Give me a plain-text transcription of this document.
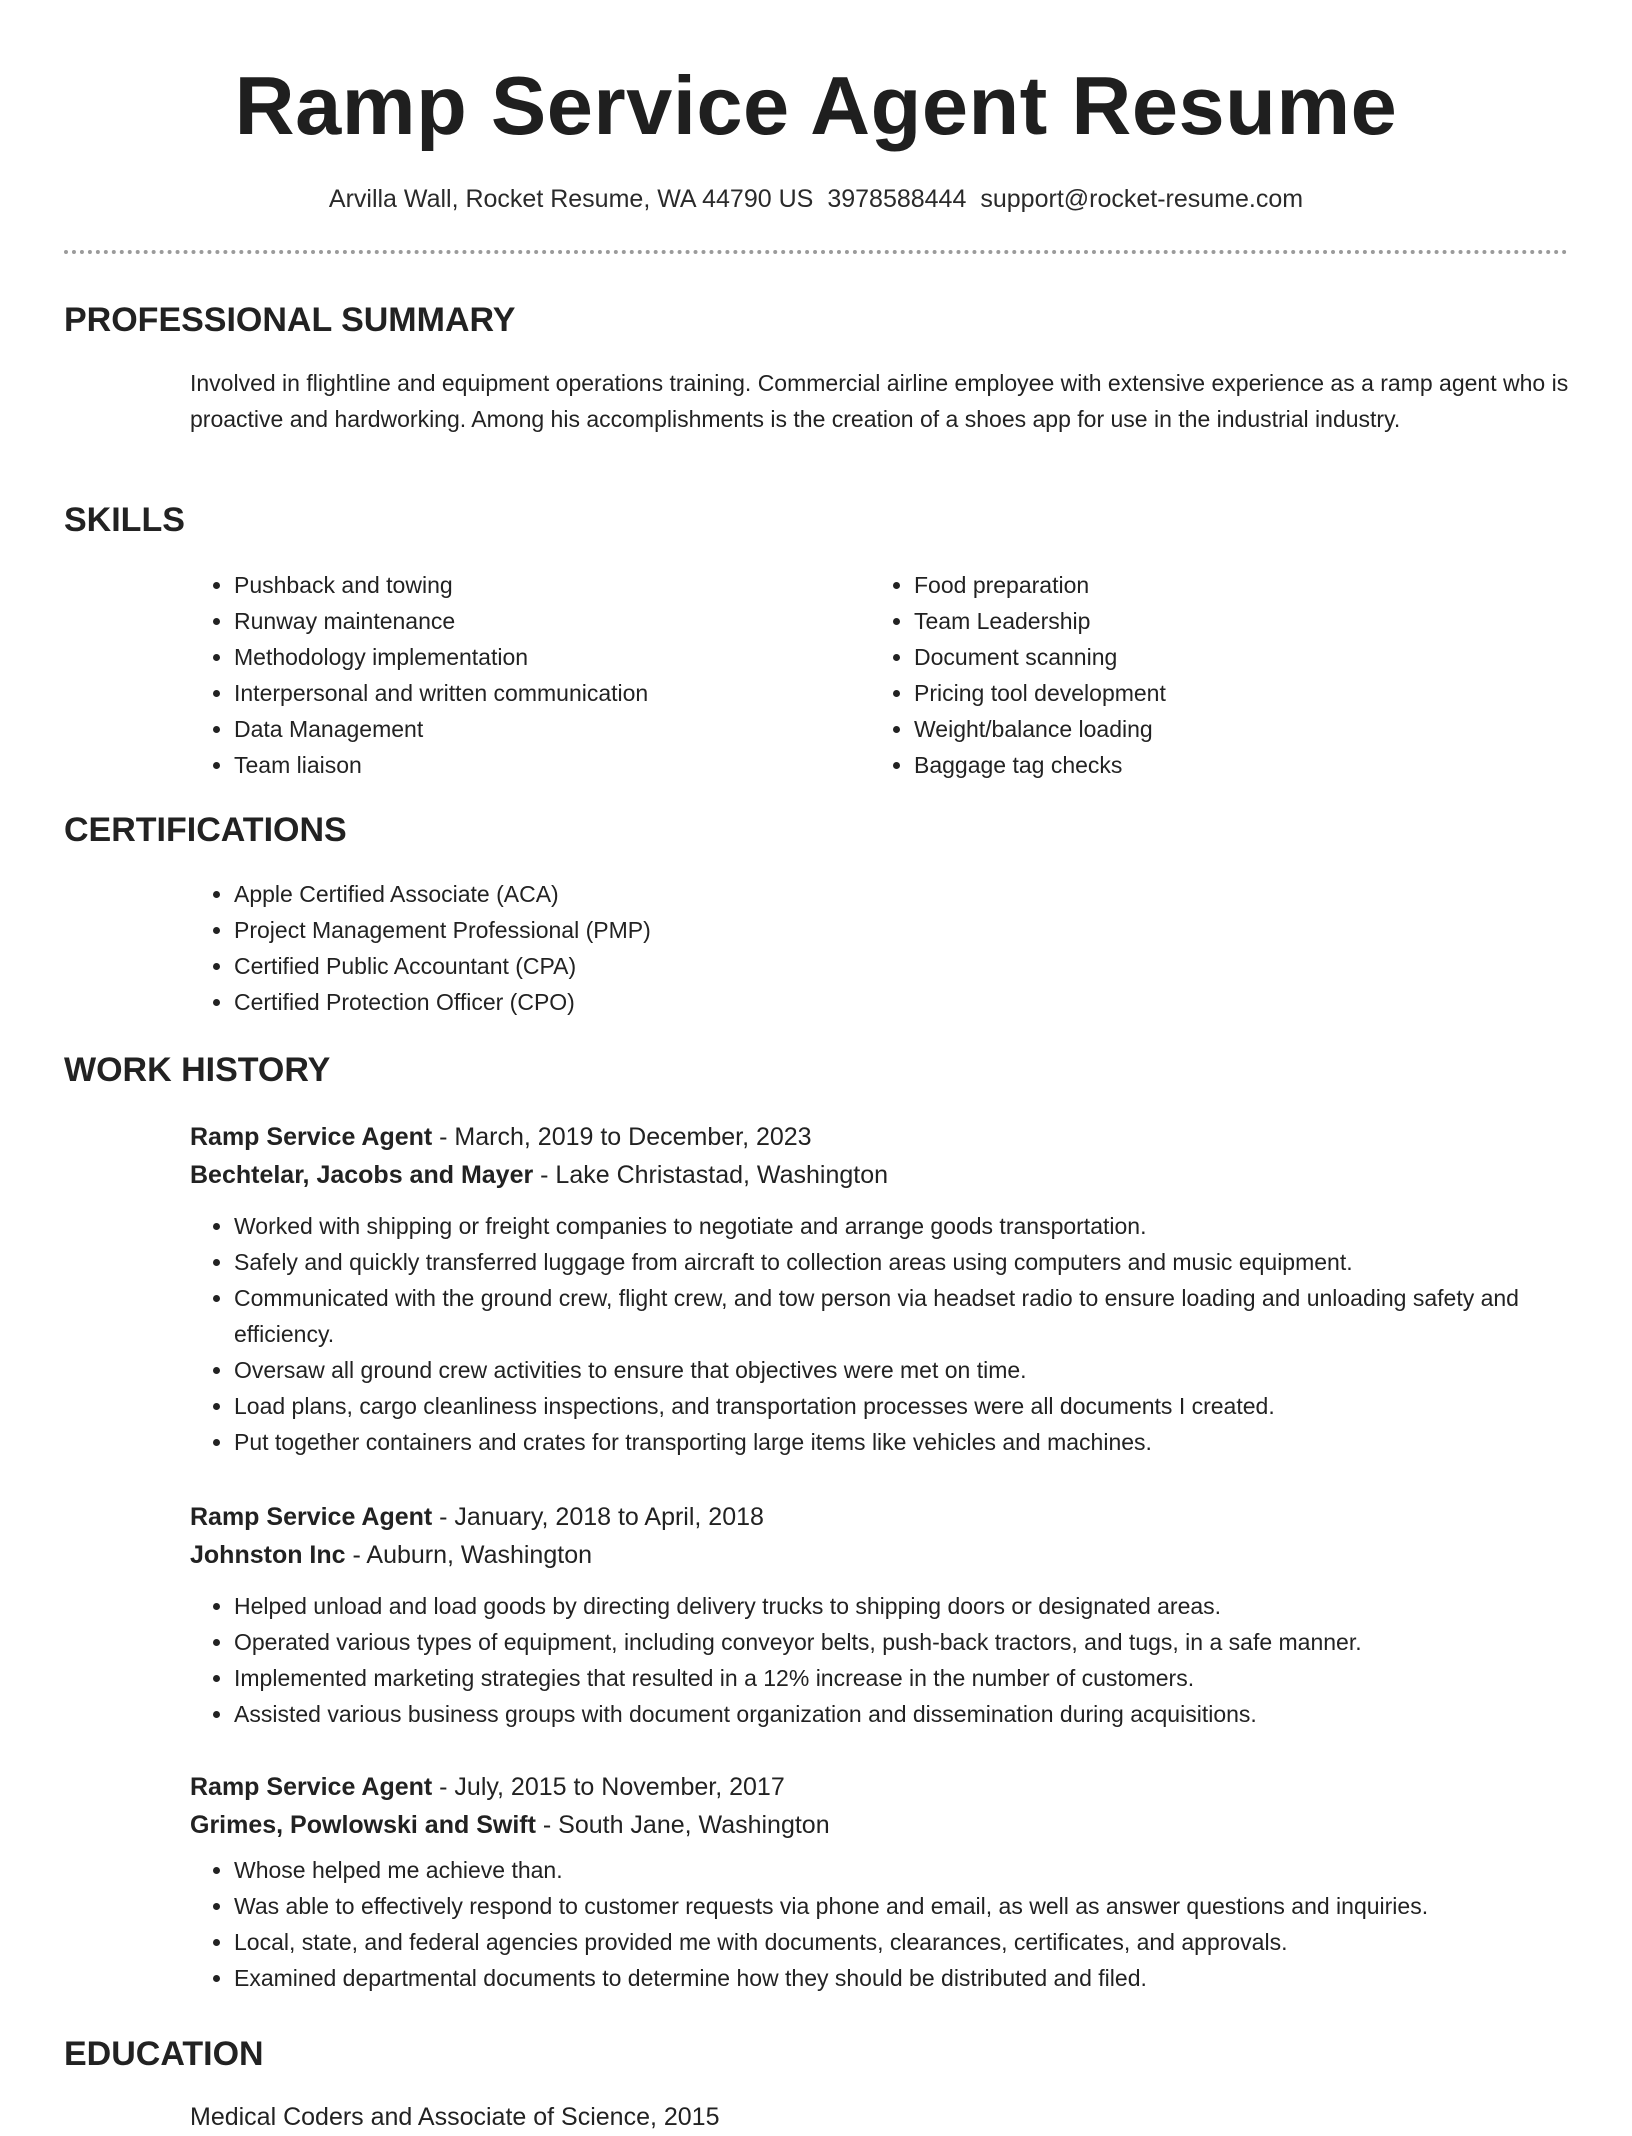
Ramp Service Agent Resume
Arvilla Wall, Rocket Resume, WA 44790 US 3978588444 support@rocket-resume.com
PROFESSIONAL SUMMARY
Involved in flightline and equipment operations training. Commercial airline employee with extensive experience as a ramp agent who is proactive and hardworking. Among his accomplishments is the creation of a shoes app for use in the industrial industry.
SKILLS
• Pushback and towing
• Runway maintenance
• Methodology implementation
• Interpersonal and written communication
• Data Management
• Team liaison
• Food preparation
• Team Leadership
• Document scanning
• Pricing tool development
• Weight/balance loading
• Baggage tag checks
CERTIFICATIONS
• Apple Certified Associate (ACA)
• Project Management Professional (PMP)
• Certified Public Accountant (CPA)
• Certified Protection Officer (CPO)
WORK HISTORY
Ramp Service Agent - March, 2019 to December, 2023
Bechtelar, Jacobs and Mayer - Lake Christastad, Washington
• Worked with shipping or freight companies to negotiate and arrange goods transportation.
• Safely and quickly transferred luggage from aircraft to collection areas using computers and music equipment.
• Communicated with the ground crew, flight crew, and tow person via headset radio to ensure loading and unloading safety and efficiency.
• Oversaw all ground crew activities to ensure that objectives were met on time.
• Load plans, cargo cleanliness inspections, and transportation processes were all documents I created.
• Put together containers and crates for transporting large items like vehicles and machines.
Ramp Service Agent - January, 2018 to April, 2018
Johnston Inc - Auburn, Washington
• Helped unload and load goods by directing delivery trucks to shipping doors or designated areas.
• Operated various types of equipment, including conveyor belts, push-back tractors, and tugs, in a safe manner.
• Implemented marketing strategies that resulted in a 12% increase in the number of customers.
• Assisted various business groups with document organization and dissemination during acquisitions.
Ramp Service Agent - July, 2015 to November, 2017
Grimes, Powlowski and Swift - South Jane, Washington
• Whose helped me achieve than.
• Was able to effectively respond to customer requests via phone and email, as well as answer questions and inquiries.
• Local, state, and federal agencies provided me with documents, clearances, certificates, and approvals.
• Examined departmental documents to determine how they should be distributed and filed.
EDUCATION
Medical Coders and Associate of Science, 2015
